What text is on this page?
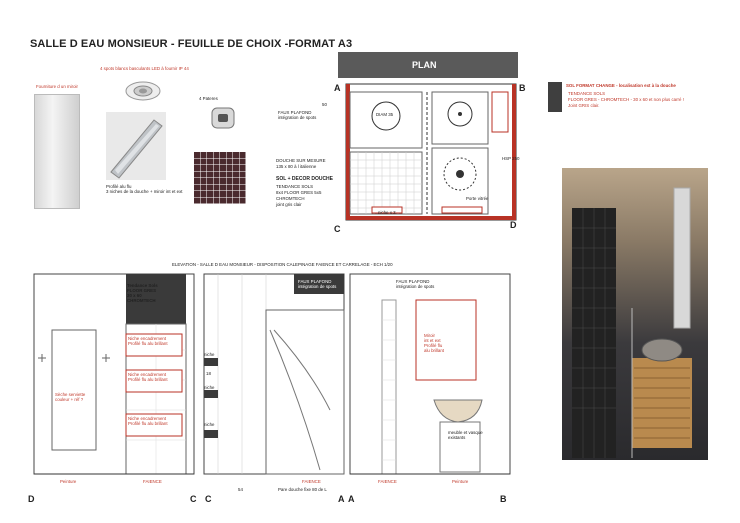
SALLE D EAU MONSIEUR - FEUILLE DE CHOIX -FORMAT A3
Fourniture d un miroir
4 spots blancs basculants LED à fournir IP 44
Profilé alu flu
3 niches de la douche + miroir int et ext
4 Pateres
DOUCHE SUR MESURE
135 x 80 à l italienne
SOL + DECOR DOUCHE
TENDANCE SOLS
8x4 FLOOR GRES 5x5
CHROMTECH
joint gris clair
FAUX PLAFOND
intégration de spots
PLAN
DIAM 35
Porte vitrée
niche x 3
HSP 250
50
A	B
C	D
SOL FORMAT CHANGE - localisation ext à la douche
TENDANCE SOLS
FLOOR GRES - CHROMTECH - 30 x 60 et non plus carré !
Joint GRIS clair.
ELEVATION - SALLE D EAU MONSIEUR - DISPOSITION CALEPINAGE FAIENCE ET CARRELAGE - ECH 1/20
Tendance Sols
FLOOR GRES
30 x 60
CHROMTECH
Niche encadrement
Profilé flu alu brillant
Niche encadrement
Profilé flu alu brillant
Niche encadrement
Profilé flu alu brillant
Sèche serviette
couleur + réf ?
Peinture	FAIENCE
niche
niche
niche
18
54
FAUX PLAFOND
intégration de spots
FAIENCE
Pare douche fixe 80 de L
FAUX PLAFOND
intégration de spots
Miroir
int et ext
Profilé flu
alu brillant
meuble et vasque
existants
FAIENCE	Peinture
D	C C	A A	B
